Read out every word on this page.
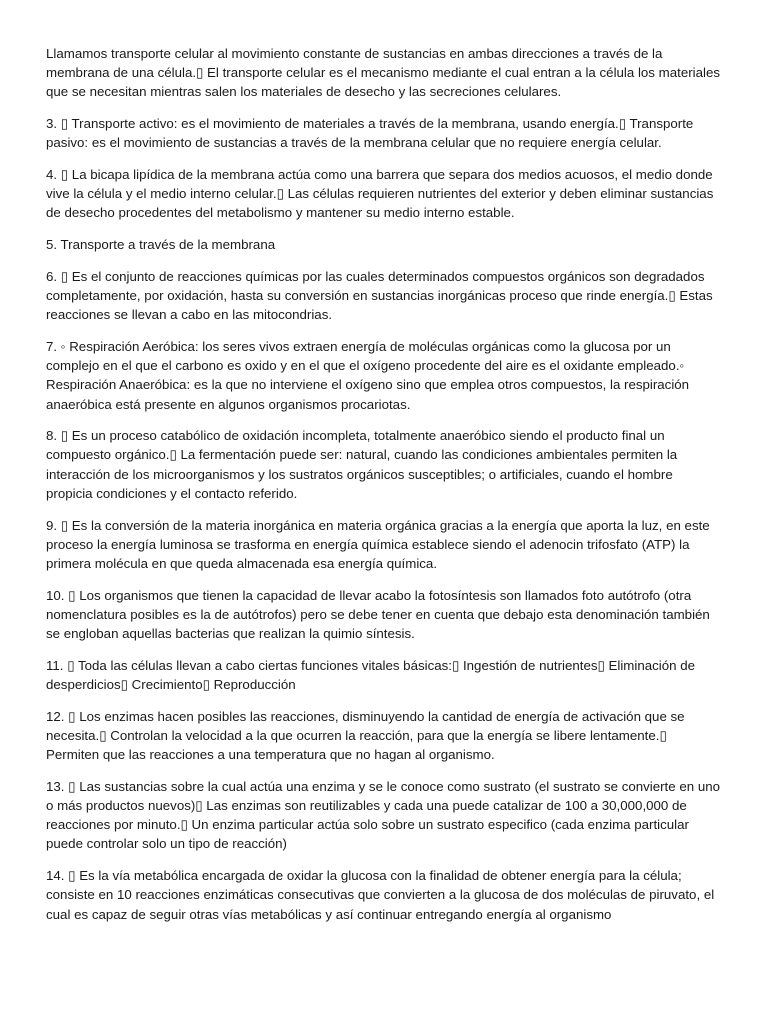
Llamamos transporte celular al movimiento constante de sustancias en ambas direcciones a través de la membrana de una célula.▯ El transporte celular es el mecanismo mediante el cual entran a la célula los materiales que se necesitan mientras salen los materiales de desecho y las secreciones celulares.

3. ▯ Transporte activo: es el movimiento de materiales a través de la membrana, usando energía.▯ Transporte pasivo: es el movimiento de sustancias a través de la membrana celular que no requiere energía celular.

4. ▯ La bicapa lipídica de la membrana actúa como una barrera que separa dos medios acuosos, el medio donde vive la célula y el medio interno celular.▯ Las células requieren nutrientes del exterior y deben eliminar sustancias de desecho procedentes del metabolismo y mantener su medio interno estable.

5. Transporte a través de la membrana

6. ▯ Es el conjunto de reacciones químicas por las cuales determinados compuestos orgánicos son degradados completamente, por oxidación, hasta su conversión en sustancias inorgánicas proceso que rinde energía.▯ Estas reacciones se llevan a cabo en las mitocondrias.

7. ◦ Respiración Aeróbica: los seres vivos extraen energía de moléculas orgánicas como la glucosa por un complejo en el que el carbono es oxido y en el que el oxígeno procedente del aire es el oxidante empleado.◦ Respiración Anaeróbica: es la que no interviene el oxígeno sino que emplea otros compuestos, la respiración anaeróbica está presente en algunos organismos procariotas.

8. ▯ Es un proceso catabólico de oxidación incompleta, totalmente anaeróbico siendo el producto final un compuesto orgánico.▯ La fermentación puede ser: natural, cuando las condiciones ambientales permiten la interacción de los microorganismos y los sustratos orgánicos susceptibles; o artificiales, cuando el hombre propicia condiciones y el contacto referido.

9. ▯ Es la conversión de la materia inorgánica en materia orgánica gracias a la energía que aporta la luz, en este proceso la energía luminosa se trasforma en energía química establece siendo el adenocin trifosfato (ATP) la primera molécula en que queda almacenada esa energía química.

10. ▯ Los organismos que tienen la capacidad de llevar acabo la fotosíntesis son llamados foto autótrofo (otra nomenclatura posibles es la de autótrofos) pero se debe tener en cuenta que debajo esta denominación también se engloban aquellas bacterias que realizan la quimio síntesis.

11. ▯ Toda las células llevan a cabo ciertas funciones vitales básicas:▯ Ingestión de nutrientes▯ Eliminación de desperdicios▯ Crecimiento▯ Reproducción

12. ▯ Los enzimas hacen posibles las reacciones, disminuyendo la cantidad de energía de activación que se necesita.▯ Controlan la velocidad a la que ocurren la reacción, para que la energía se libere lentamente.▯ Permiten que las reacciones a una temperatura que no hagan al organismo.

13. ▯ Las sustancias sobre la cual actúa una enzima y se le conoce como sustrato (el sustrato se convierte en uno o más productos nuevos)▯ Las enzimas son reutilizables y cada una puede catalizar de 100 a 30,000,000 de reacciones por minuto.▯ Un enzima particular actúa solo sobre un sustrato especifico (cada enzima particular puede controlar solo un tipo de reacción)

14. ▯ Es la vía metabólica encargada de oxidar la glucosa con la finalidad de obtener energía para la célula; consiste en 10 reacciones enzimáticas consecutivas que convierten a la glucosa de dos moléculas de piruvato, el cual es capaz de seguir otras vías metabólicas y así continuar entregando energía al organismo
